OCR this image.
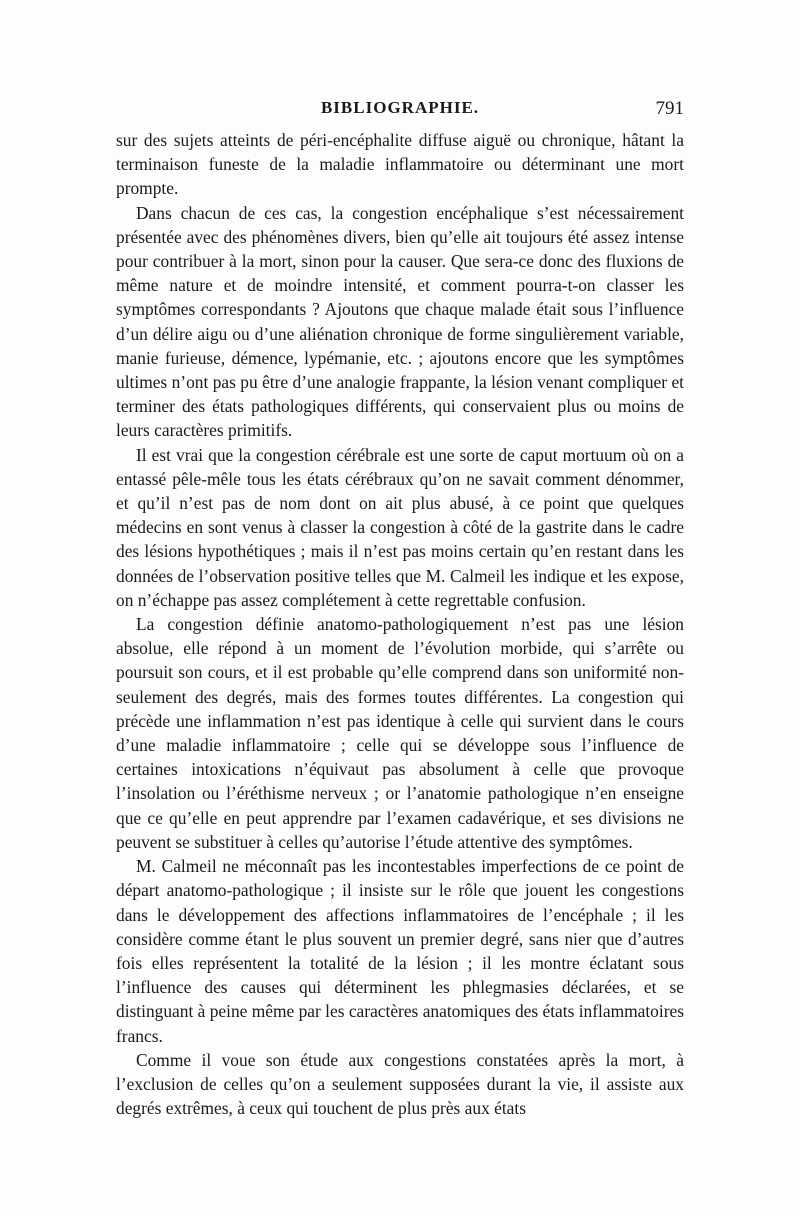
BIBLIOGRAPHIE.	791

sur des sujets atteints de péri-encéphalite diffuse aiguë ou chronique, hâtant la terminaison funeste de la maladie inflammatoire ou déterminant une mort prompte.

Dans chacun de ces cas, la congestion encéphalique s’est nécessairement présentée avec des phénomènes divers, bien qu’elle ait toujours été assez intense pour contribuer à la mort, sinon pour la causer. Que sera-ce donc des fluxions de même nature et de moindre intensité, et comment pourra-t-on classer les symptômes correspondants ? Ajoutons que chaque malade était sous l’influence d’un délire aigu ou d’une aliénation chronique de forme singulièrement variable, manie furieuse, démence, lypémanie, etc. ; ajoutons encore que les symptômes ultimes n’ont pas pu être d’une analogie frappante, la lésion venant compliquer et terminer des états pathologiques différents, qui conservaient plus ou moins de leurs caractères primitifs.

Il est vrai que la congestion cérébrale est une sorte de caput mortuum où on a entassé pêle-mêle tous les états cérébraux qu’on ne savait comment dénommer, et qu’il n’est pas de nom dont on ait plus abusé, à ce point que quelques médecins en sont venus à classer la congestion à côté de la gastrite dans le cadre des lésions hypothétiques ; mais il n’est pas moins certain qu’en restant dans les données de l’observation positive telles que M. Calmeil les indique et les expose, on n’échappe pas assez complétement à cette regrettable confusion.

La congestion définie anatomo-pathologiquement n’est pas une lésion absolue, elle répond à un moment de l’évolution morbide, qui s’arrête ou poursuit son cours, et il est probable qu’elle comprend dans son uniformité non-seulement des degrés, mais des formes toutes différentes. La congestion qui précède une inflammation n’est pas identique à celle qui survient dans le cours d’une maladie inflammatoire ; celle qui se développe sous l’influence de certaines intoxications n’équivaut pas absolument à celle que provoque l’insolation ou l’éréthisme nerveux ; or l’anatomie pathologique n’en enseigne que ce qu’elle en peut apprendre par l’examen cadavérique, et ses divisions ne peuvent se substituer à celles qu’autorise l’étude attentive des symptômes.

M. Calmeil ne méconnaît pas les incontestables imperfections de ce point de départ anatomo-pathologique ; il insiste sur le rôle que jouent les congestions dans le développement des affections inflammatoires de l’encéphale ; il les considère comme étant le plus souvent un premier degré, sans nier que d’autres fois elles représentent la totalité de la lésion ; il les montre éclatant sous l’influence des causes qui déterminent les phlegmasies déclarées, et se distinguant à peine même par les caractères anatomiques des états inflammatoires francs.

Comme il voue son étude aux congestions constatées après la mort, à l’exclusion de celles qu’on a seulement supposées durant la vie, il assiste aux degrés extrêmes, à ceux qui touchent de plus près aux états
